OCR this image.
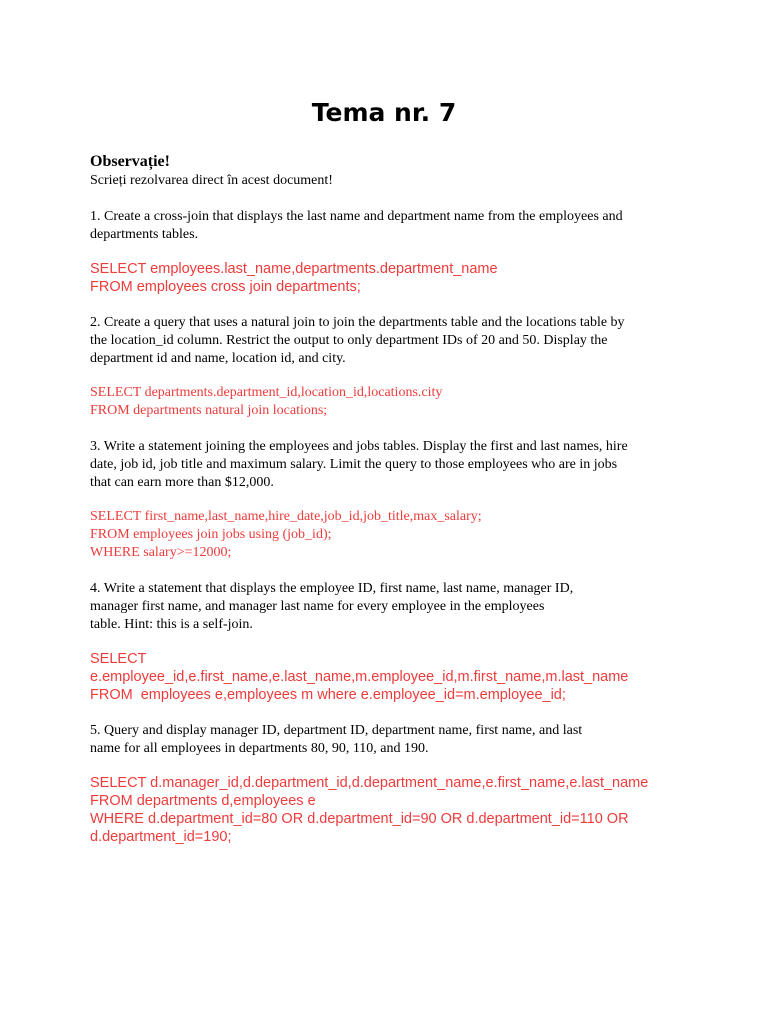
Tema nr. 7

Observație!

Scrieți rezolvarea direct în acest document!

1. Create a cross-join that displays the last name and department name from the employees and
departments tables.
SELECT employees.last_name,departments.department_name
FROM employees cross join departments;
2. Create a query that uses a natural join to join the departments table and the locations table by
the location_id column. Restrict the output to only department IDs of 20 and 50. Display the
department id and name, location id, and city.
SELECT departments.department_id,location_id,locations.city
FROM departments natural join locations;
3. Write a statement joining the employees and jobs tables. Display the first and last names, hire
date, job id, job title and maximum salary. Limit the query to those employees who are in jobs
that can earn more than $12,000.
SELECT first_name,last_name,hire_date,job_id,job_title,max_salary;
FROM employees join jobs using (job_id);
WHERE salary>=12000;
4. Write a statement that displays the employee ID, first name, last name, manager ID,
manager first name, and manager last name for every employee in the employees
table. Hint: this is a self-join.
SELECT
e.employee_id,e.first_name,e.last_name,m.employee_id,m.first_name,m.last_name
FROM  employees e,employees m where e.employee_id=m.employee_id;
5. Query and display manager ID, department ID, department name, first name, and last
name for all employees in departments 80, 90, 110, and 190.
SELECT d.manager_id,d.department_id,d.department_name,e.first_name,e.last_name
FROM departments d,employees e
WHERE d.department_id=80 OR d.department_id=90 OR d.department_id=110 OR
d.department_id=190;
